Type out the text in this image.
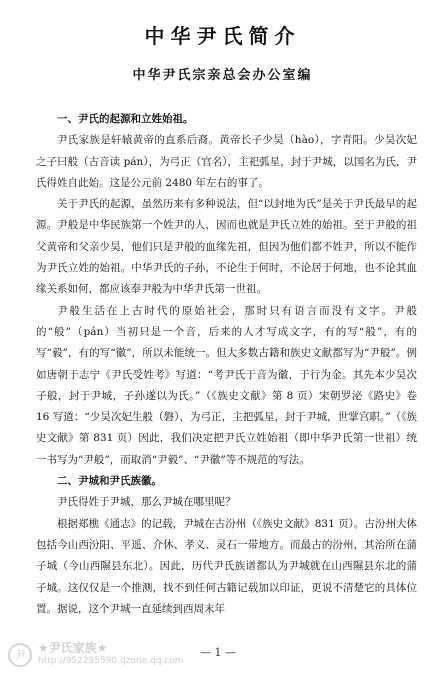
中华尹氏简介
中华尹氏宗亲总会办公室编
一、尹氏的起源和立姓始祖。

尹氏家族是轩辕黄帝的直系后裔。黄帝长子少昊（hào），字青阳。少昊次妃之子曰般（古音读 pán），为弓正（官名），主祀弧星，封于尹城，以国名为氏，尹氏得姓自此始。这是公元前 2480 年左右的事了。

关于尹氏的起源，虽然历来有多种说法，但“以封地为氏”是关于尹氏最早的起源。尹般是中华民族第一个姓尹的人，因而也就是尹氏立姓的始祖。至于尹般的祖父黄帝和父亲少昊，他们只是尹般的血缘先祖，但因为他们都不姓尹，所以不能作为尹氏立姓的始祖。中华尹氏的子孙，不论生于何时，不论居于何地，也不论其血缘关系如何，都应该奉尹般为中华尹氏第一世祖。

尹般生活在上古时代的原始社会，那时只有语言而没有文字。尹般的“般”（pán）当初只是一个音，后来的人才写成文字，有的写“般”，有的写“毅”，有的写“徽”，所以未能统一。但大多数古籍和族史文献都写为“尹般”。例如唐朝于志宁《尹氏受姓考》写道：“考尹氏于音为徽，于行为金。其先本少昊次子般，封于尹城，子孙遂以为氏。”（《族史文献》第 8 页）宋朝罗泌《路史》卷 16 写道：“少昊次妃生般（磐），为弓正，主把弧星，封于尹城，世掌宫职。”（《族史文献》第 831 页）因此，我们决定把尹氏立姓始祖（即中华尹氏第一世祖）统一书写为“尹般”，而取消“尹毅”、“尹徽”等不规范的写法。

二、尹城和尹氏族徽。

尹氏得姓于尹城，那么尹城在哪里呢？

根据郑樵《通志》的记载，尹城在古汾州（《族史文献》831 页）。古汾州大体包括今山西汾阳、平遥、介休、孝义、灵石一带地方。而最古的汾州，其治所在蒲子城（今山西隰县东北）。因此，历代尹氏族谱都认为尹城就在山西隰县东北的蒲子城。这仅仅是一个推测，找不到任何古籍记载加以印证，更说不清楚它的具体位置。据说，这个尹城一直延续到西周末年

尹
★尹氏家族★
http://952295590.qzone.qq.com
— 1 —
